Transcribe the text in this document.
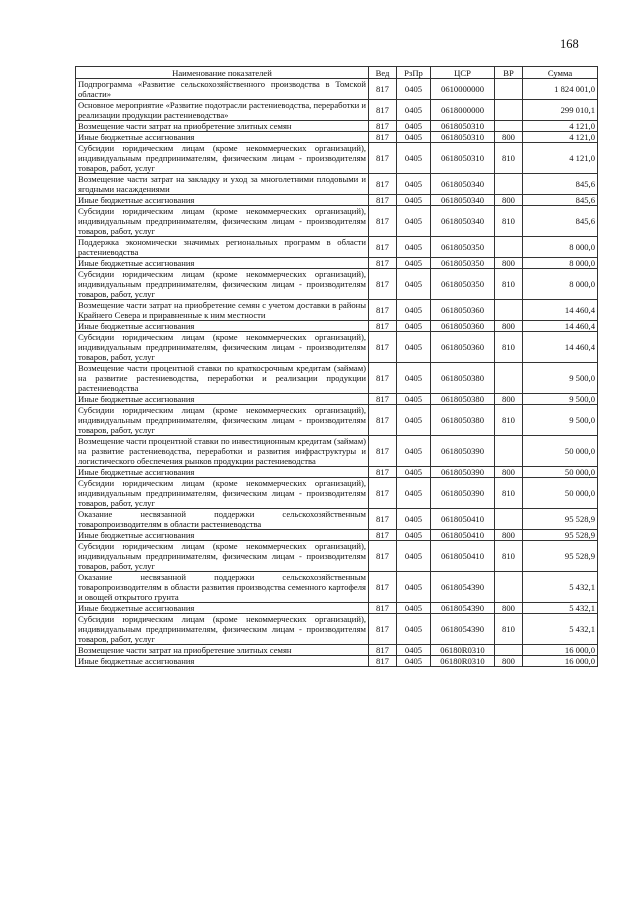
168
Наименование показателей	Вед	РзПр	ЦСР	ВР	Сумма
Подпрограмма «Развитие сельскохозяйственного производства в Томской области»	817	0405	0610000000		1 824 001,0
Основное мероприятие «Развитие подотрасли растениеводства, переработки и реализации продукции растениеводства»	817	0405	0618000000		299 010,1
Возмещение части затрат на приобретение элитных семян	817	0405	0618050310		4 121,0
Иные бюджетные ассигнования	817	0405	0618050310	800	4 121,0
Субсидии юридическим лицам (кроме некоммерческих организаций), индивидуальным предпринимателям, физическим лицам - производителям товаров, работ, услуг	817	0405	0618050310	810	4 121,0
Возмещение части затрат на закладку и уход за многолетними плодовыми и ягодными насаждениями	817	0405	0618050340		845,6
Иные бюджетные ассигнования	817	0405	0618050340	800	845,6
Субсидии юридическим лицам (кроме некоммерческих организаций), индивидуальным предпринимателям, физическим лицам - производителям товаров, работ, услуг	817	0405	0618050340	810	845,6
Поддержка экономически значимых региональных программ в области растениеводства	817	0405	0618050350		8 000,0
Иные бюджетные ассигнования	817	0405	0618050350	800	8 000,0
Субсидии юридическим лицам (кроме некоммерческих организаций), индивидуальным предпринимателям, физическим лицам - производителям товаров, работ, услуг	817	0405	0618050350	810	8 000,0
Возмещение части затрат на приобретение семян с учетом доставки в районы Крайнего Севера и приравненные к ним местности	817	0405	0618050360		14 460,4
Иные бюджетные ассигнования	817	0405	0618050360	800	14 460,4
Субсидии юридическим лицам (кроме некоммерческих организаций), индивидуальным предпринимателям, физическим лицам - производителям товаров, работ, услуг	817	0405	0618050360	810	14 460,4
Возмещение части процентной ставки по краткосрочным кредитам (займам) на развитие растениеводства, переработки и реализации продукции растениеводства	817	0405	0618050380		9 500,0
Иные бюджетные ассигнования	817	0405	0618050380	800	9 500,0
Субсидии юридическим лицам (кроме некоммерческих организаций), индивидуальным предпринимателям, физическим лицам - производителям товаров, работ, услуг	817	0405	0618050380	810	9 500,0
Возмещение части процентной ставки по инвестиционным кредитам (займам) на развитие растениеводства, переработки и развития инфраструктуры и логистического обеспечения рынков продукции растениеводства	817	0405	0618050390		50 000,0
Иные бюджетные ассигнования	817	0405	0618050390	800	50 000,0
Субсидии юридическим лицам (кроме некоммерческих организаций), индивидуальным предпринимателям, физическим лицам - производителям товаров, работ, услуг	817	0405	0618050390	810	50 000,0
Оказание несвязанной поддержки сельскохозяйственным товаропроизводителям в области растениеводства	817	0405	0618050410		95 528,9
Иные бюджетные ассигнования	817	0405	0618050410	800	95 528,9
Субсидии юридическим лицам (кроме некоммерческих организаций), индивидуальным предпринимателям, физическим лицам - производителям товаров, работ, услуг	817	0405	0618050410	810	95 528,9
Оказание несвязанной поддержки сельскохозяйственным товаропроизводителям в области развития производства семенного картофеля и овощей открытого грунта	817	0405	0618054390		5 432,1
Иные бюджетные ассигнования	817	0405	0618054390	800	5 432,1
Субсидии юридическим лицам (кроме некоммерческих организаций), индивидуальным предпринимателям, физическим лицам - производителям товаров, работ, услуг	817	0405	0618054390	810	5 432,1
Возмещение части затрат на приобретение элитных семян	817	0405	06180R0310		16 000,0
Иные бюджетные ассигнования	817	0405	06180R0310	800	16 000,0
